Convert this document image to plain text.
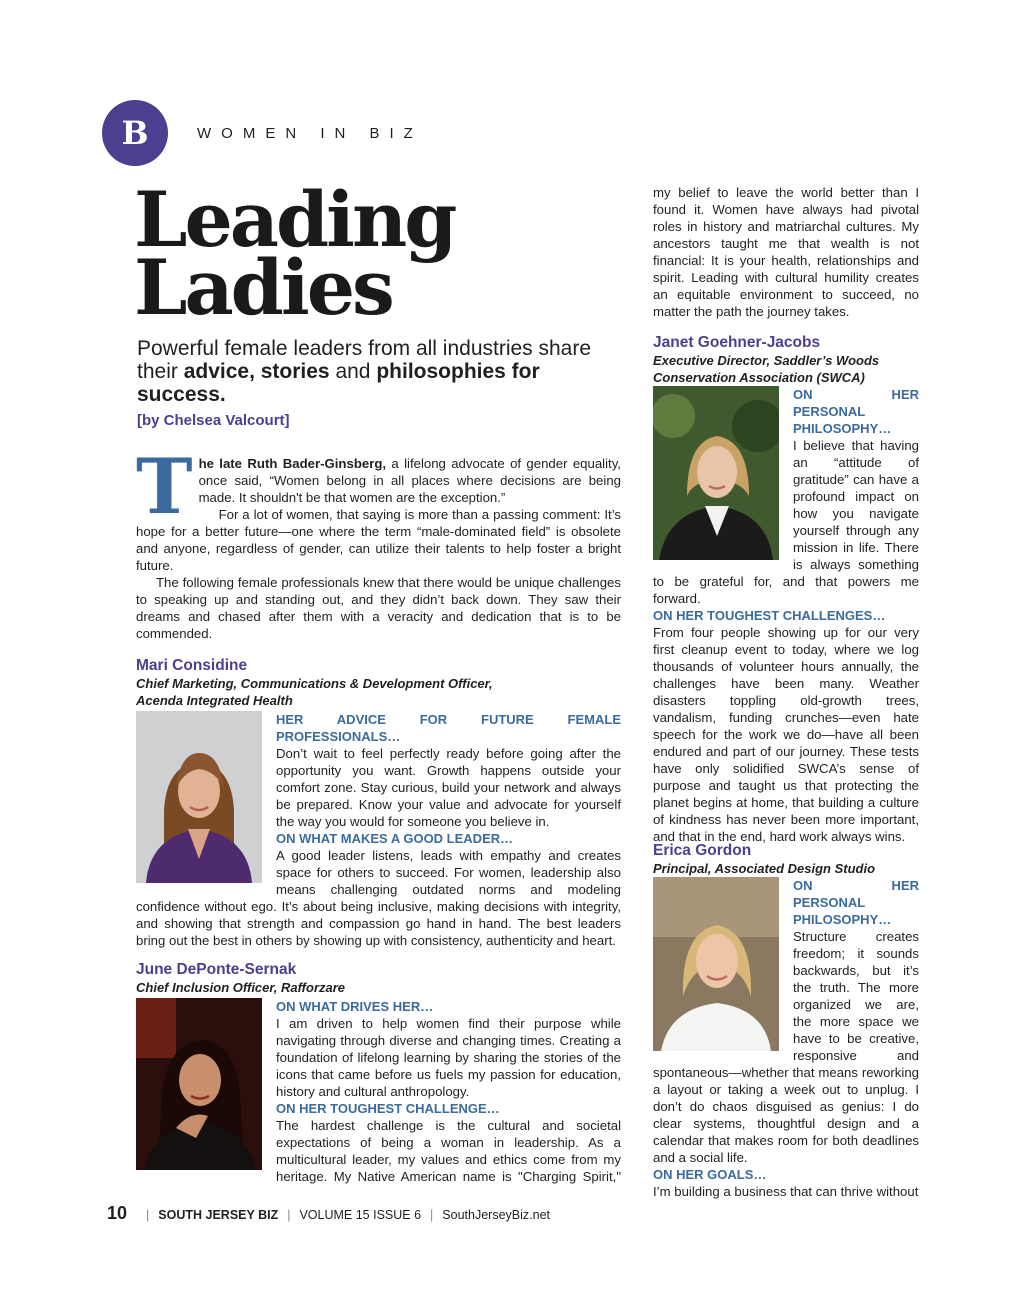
B	WOMEN IN BIZ
Leading
Ladies
Powerful female leaders from all industries share their advice, stories and philosophies for success.
[by Chelsea Valcourt]

The late Ruth Bader-Ginsberg, a lifelong advocate of gender equality, once said, “Women belong in all places where decisions are being made. It shouldn't be that women are the exception.”

For a lot of women, that saying is more than a passing comment: It’s hope for a better future—one where the term “male-dominated field” is obsolete and anyone, regardless of gender, can utilize their talents to help foster a bright future.

The following female professionals knew that there would be unique challenges to speaking up and standing out, and they didn’t back down. They saw their dreams and chased after them with a veracity and dedication that is to be commended.

Mari Considine
Chief Marketing, Communications & Development Officer,
Acenda Integrated Health
HER ADVICE FOR FUTURE FEMALE PROFESSIONALS…

Don’t wait to feel perfectly ready before going after the opportunity you want. Growth happens outside your comfort zone. Stay curious, build your network and always be prepared. Know your value and advocate for yourself the way you would for someone you believe in.

ON WHAT MAKES A GOOD LEADER…

A good leader listens, leads with empathy and creates space for others to succeed. For women, leadership also means challenging outdated norms and modeling confidence without ego. It’s about being inclusive, making decisions with integrity, and showing that strength and compassion go hand in hand. The best leaders bring out the best in others by showing up with consistency, authenticity and heart.

June DePonte-Sernak
Chief Inclusion Officer, Rafforzare
ON WHAT DRIVES HER…

I am driven to help women find their purpose while navigating through diverse and changing times. Creating a foundation of lifelong learning by sharing the stories of the icons that came before us fuels my passion for education, history and cultural anthropology.

ON HER TOUGHEST CHALLENGE…

The hardest challenge is the cultural and societal expectations of being a woman in leadership. As a multicultural leader, my values and ethics come from my heritage. My Native American name is "Charging Spirit,"

my belief to leave the world better than I found it. Women have always had pivotal roles in history and matriarchal cultures. My ancestors taught me that wealth is not financial: It is your health, relationships and spirit. Leading with cultural humility creates an equitable environment to succeed, no matter the path the journey takes.

Janet Goehner-Jacobs
Executive Director, Saddler’s Woods
Conservation Association (SWCA)
ON HER PERSONAL PHILOSOPHY…

I believe that having an “attitude of gratitude” can have a profound impact on how you navigate yourself through any mission in life. There is always something to be grateful for, and that powers me forward.

ON HER TOUGHEST CHALLENGES…

From four people showing up for our very first cleanup event to today, where we log thousands of volunteer hours annually, the challenges have been many. Weather disasters toppling old-growth trees, vandalism, funding crunches—even hate speech for the work we do—have all been endured and part of our journey. These tests have only solidified SWCA’s sense of purpose and taught us that protecting the planet begins at home, that building a culture of kindness has never been more important, and that in the end, hard work always wins.

Erica Gordon
Principal, Associated Design Studio
ON HER PERSONAL PHILOSOPHY…

Structure creates freedom; it sounds backwards, but it’s the truth. The more organized we are, the more space we have to be creative, responsive and spontaneous—whether that means reworking a layout or taking a week out to unplug. I don’t do chaos disguised as genius: I do clear systems, thoughtful design and a calendar that makes room for both deadlines and a social life.

ON HER GOALS…

I’m building a business that can thrive without

10 | SOUTH JERSEY BIZ | VOLUME 15 ISSUE 6 | SouthJerseyBiz.net
